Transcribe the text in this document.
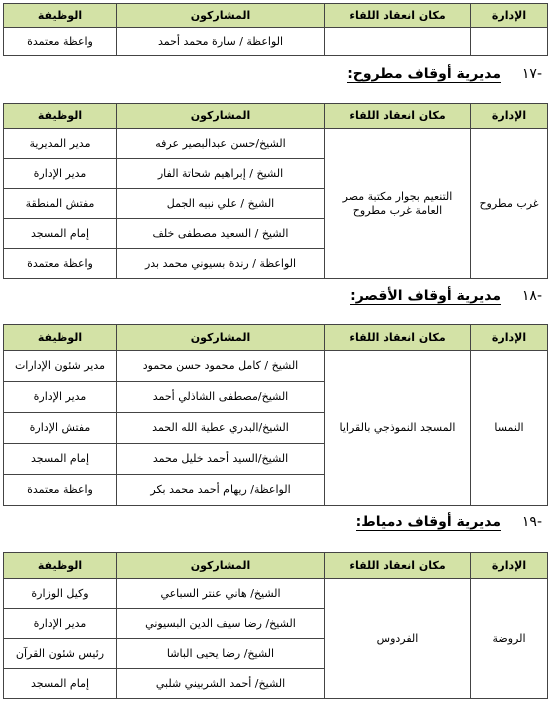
الإدارة	مكان انعقاد اللقاء	المشاركون	الوظيفة
		الواعظة / سارة محمد أحمد	واعظة معتمدة
-١٧ مديرية أوقاف مطروح:
الإدارة	مكان انعقاد اللقاء	المشاركون	الوظيفة
غرب مطروح	التنعيم بجوار مكتبة مصر العامة غرب مطروح	الشيخ/حسن عبدالبصير عرفه	مدير المديرية
		الشيخ / إبراهيم شحاتة الفار	مدير الإدارة
		الشيخ / علي نبيه الجمل	مفتش المنطقة
		الشيخ / السعيد مصطفى خلف	إمام المسجد
		الواعظة / رندة بسيوني محمد بدر	واعظة معتمدة
-١٨ مديرية أوقاف الأقصر:
الإدارة	مكان انعقاد اللقاء	المشاركون	الوظيفة
النمسا	المسجد النموذجي بالقرايا	الشيخ / كامل محمود حسن محمود	مدير شئون الإدارات
		الشيخ/مصطفى الشاذلي أحمد	مدير الإدارة
		الشيخ/البدري عطية الله الحمد	مفتش الإدارة
		الشيخ/السيد أحمد خليل محمد	إمام المسجد
		الواعظة/ ريهام أحمد محمد بكر	واعظة معتمدة
-١٩ مديرية أوقاف دمياط:
الإدارة	مكان انعقاد اللقاء	المشاركون	الوظيفة
الروضة	الفردوس	الشيخ/ هاني عنتر السباعي	وكيل الوزارة
		الشيخ/ رضا سيف الدين البسيوني	مدير الإدارة
		الشيخ/ رضا يحيى الباشا	رئيس شئون القرآن
		الشيخ/ أحمد الشربيني شلبي	إمام المسجد
